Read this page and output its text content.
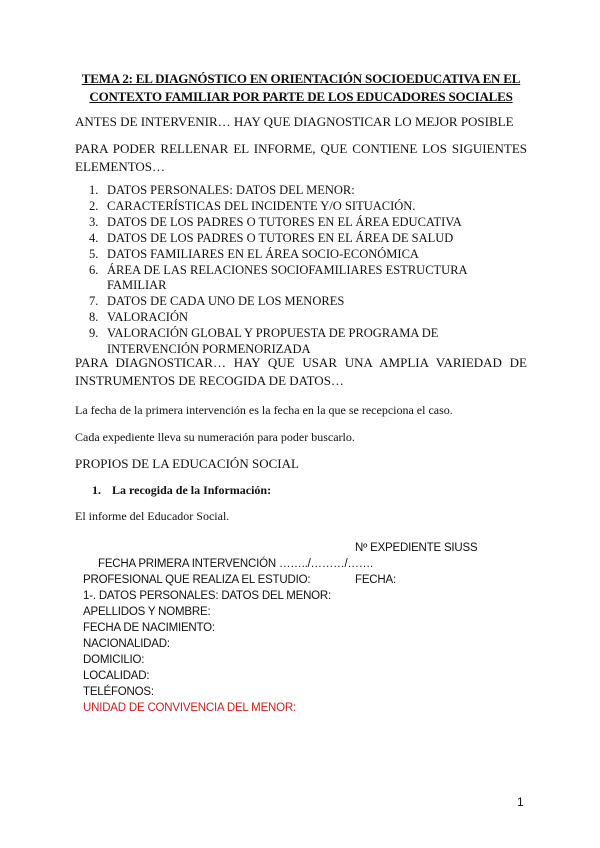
TEMA 2: EL DIAGNÓSTICO EN ORIENTACIÓN SOCIOEDUCATIVA EN EL
CONTEXTO FAMILIAR POR PARTE DE LOS EDUCADORES SOCIALES
ANTES DE INTERVENIR… HAY QUE DIAGNOSTICAR LO MEJOR POSIBLE
PARA PODER RELLENAR EL INFORME, QUE CONTIENE LOS SIGUIENTES ELEMENTOS…
1. DATOS PERSONALES: DATOS DEL MENOR:
2. CARACTERÍSTICAS DEL INCIDENTE Y/O SITUACIÓN.
3. DATOS DE LOS PADRES O TUTORES EN EL ÁREA EDUCATIVA
4. DATOS DE LOS PADRES O TUTORES EN EL ÁREA DE SALUD
5. DATOS FAMILIARES EN EL ÁREA SOCIO-ECONÓMICA
6. ÁREA DE LAS RELACIONES SOCIOFAMILIARES ESTRUCTURA FAMILIAR
7. DATOS DE CADA UNO DE LOS MENORES
8. VALORACIÓN
9. VALORACIÓN GLOBAL Y PROPUESTA DE PROGRAMA DE INTERVENCIÓN PORMENORIZADA
PARA DIAGNOSTICAR… HAY QUE USAR UNA AMPLIA VARIEDAD DE INSTRUMENTOS DE RECOGIDA DE DATOS…
La fecha de la primera intervención es la fecha en la que se recepciona el caso.
Cada expediente lleva su numeración para poder buscarlo.
PROPIOS DE LA EDUCACIÓN SOCIAL
1. La recogida de la Información:
El informe del Educador Social.
Nº EXPEDIENTE SIUSS
FECHA PRIMERA INTERVENCIÓN ……../………/…….
PROFESIONAL QUE REALIZA EL ESTUDIO:	FECHA:
1-. DATOS PERSONALES: DATOS DEL MENOR:
APELLIDOS Y NOMBRE:
FECHA DE NACIMIENTO:
NACIONALIDAD:
DOMICILIO:
LOCALIDAD:
TELÉFONOS:
UNIDAD DE CONVIVENCIA DEL MENOR:
1
